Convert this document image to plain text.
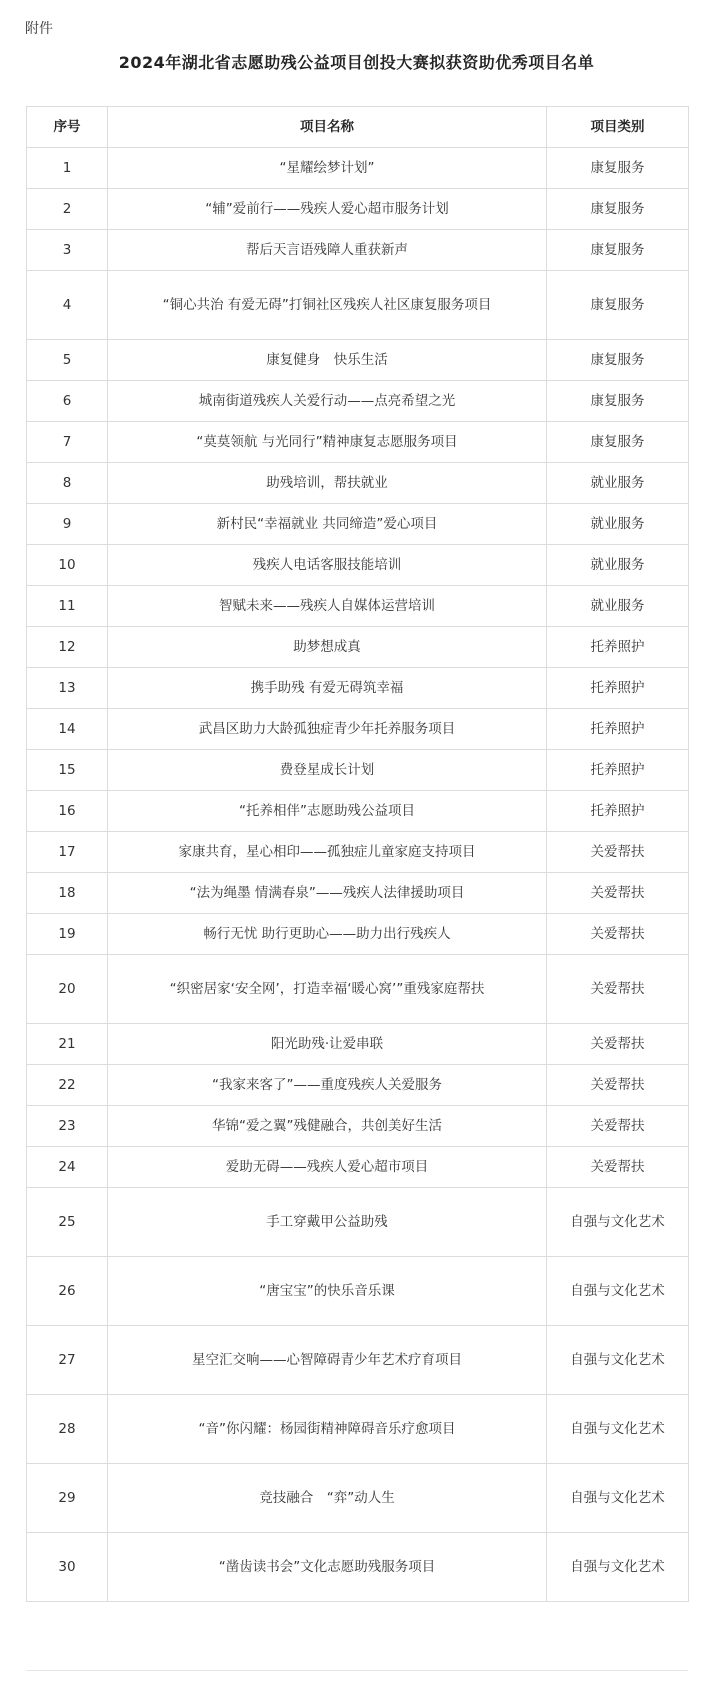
附件
2024年湖北省志愿助残公益项目创投大赛拟获资助优秀项目名单
序号	项目名称	项目类别
1	“星耀绘梦计划”	康复服务
2	“辅”爱前行——残疾人爱心超市服务计划	康复服务
3	帮后天言语残障人重获新声	康复服务
4	“铜心共治 有爱无碍”打铜社区残疾人社区康复服务项目	康复服务
5	康复健身　快乐生活	康复服务
6	城南街道残疾人关爱行动——点亮希望之光	康复服务
7	“莫莫领航 与光同行”精神康复志愿服务项目	康复服务
8	助残培训，帮扶就业	就业服务
9	新村民“幸福就业 共同缔造”爱心项目	就业服务
10	残疾人电话客服技能培训	就业服务
11	智赋未来——残疾人自媒体运营培训	就业服务
12	助梦想成真	托养照护
13	携手助残 有爱无碍筑幸福	托养照护
14	武昌区助力大龄孤独症青少年托养服务项目	托养照护
15	费登星成长计划	托养照护
16	“托养相伴”志愿助残公益项目	托养照护
17	家康共育，星心相印——孤独症儿童家庭支持项目	关爱帮扶
18	“法为绳墨 情满春泉”——残疾人法律援助项目	关爱帮扶
19	畅行无忧 助行更助心——助力出行残疾人	关爱帮扶
20	“织密居家‘安全网’，打造幸福‘暖心窝’”重残家庭帮扶	关爱帮扶
21	阳光助残·让爱串联	关爱帮扶
22	“我家来客了”——重度残疾人关爱服务	关爱帮扶
23	华锦“爱之翼”残健融合，共创美好生活	关爱帮扶
24	爱助无碍——残疾人爱心超市项目	关爱帮扶
25	手工穿戴甲公益助残	自强与文化艺术
26	“唐宝宝”的快乐音乐课	自强与文化艺术
27	星空汇交响——心智障碍青少年艺术疗育项目	自强与文化艺术
28	“音”你闪耀：杨园街精神障碍音乐疗愈项目	自强与文化艺术
29	竞技融合　“弈”动人生	自强与文化艺术
30	“凿齿读书会”文化志愿助残服务项目	自强与文化艺术
